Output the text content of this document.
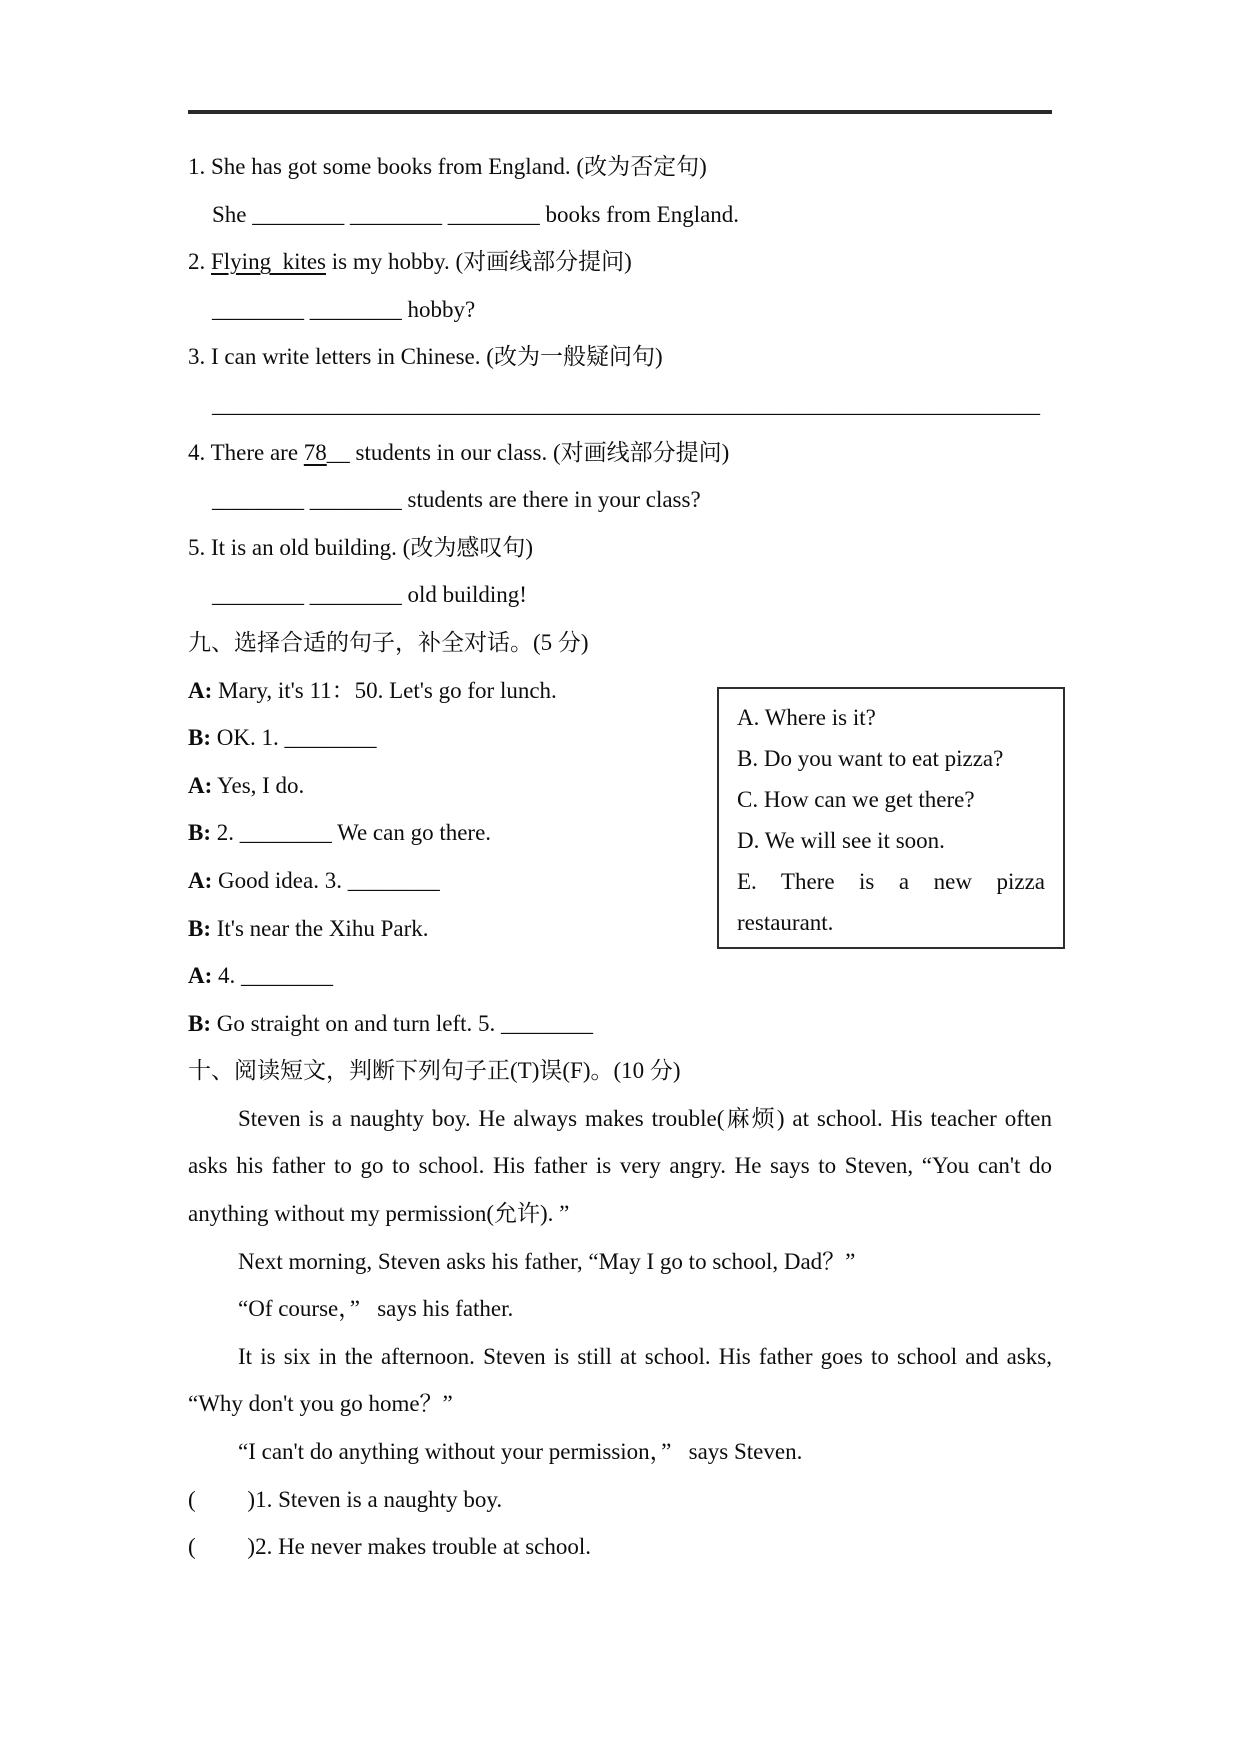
1. She has got some books from England. (改为否定句)
She ________ ________ ________ books from England.
2. Flying  kites is my hobby. (对画线部分提问)
________ ________ hobby?
3. I can write letters in Chinese. (改为一般疑问句)
________________________________________________________________________
4. There are 78__ students in our class. (对画线部分提问)
________ ________ students are there in your class?
5. It is an old building. (改为感叹句)
________ ________ old building!
九、选择合适的句子，补全对话。(5 分)
A: Mary, it's 11：50. Let's go for lunch.
B: OK. 1. ________
A: Yes, I do.
B: 2. ________ We can go there.
A: Good idea. 3. ________
B: It's near the Xihu Park.
A: 4. ________
B: Go straight on and turn left. 5. ________
十、阅读短文，判断下列句子正(T)误(F)。(10 分)

Steven is a naughty boy. He always makes trouble(麻烦) at school. His teacher often asks his father to go to school. His father is very angry. He says to Steven, “You can't do anything without my permission(允许). ”

Next morning, Steven asks his father, “May I go to school, Dad？”

“Of course，”   says his father.

It is six in the afternoon. Steven is still at school. His father goes to school and asks, “Why don't you go home？”

“I can't do anything without your permission，”   says Steven.

(         )1. Steven is a naughty boy.
(         )2. He never makes trouble at school.
A. Where is it?
B. Do you want to eat pizza?
C. How can we get there?
D. We will see it soon.
E. There is a new pizza restaurant.
